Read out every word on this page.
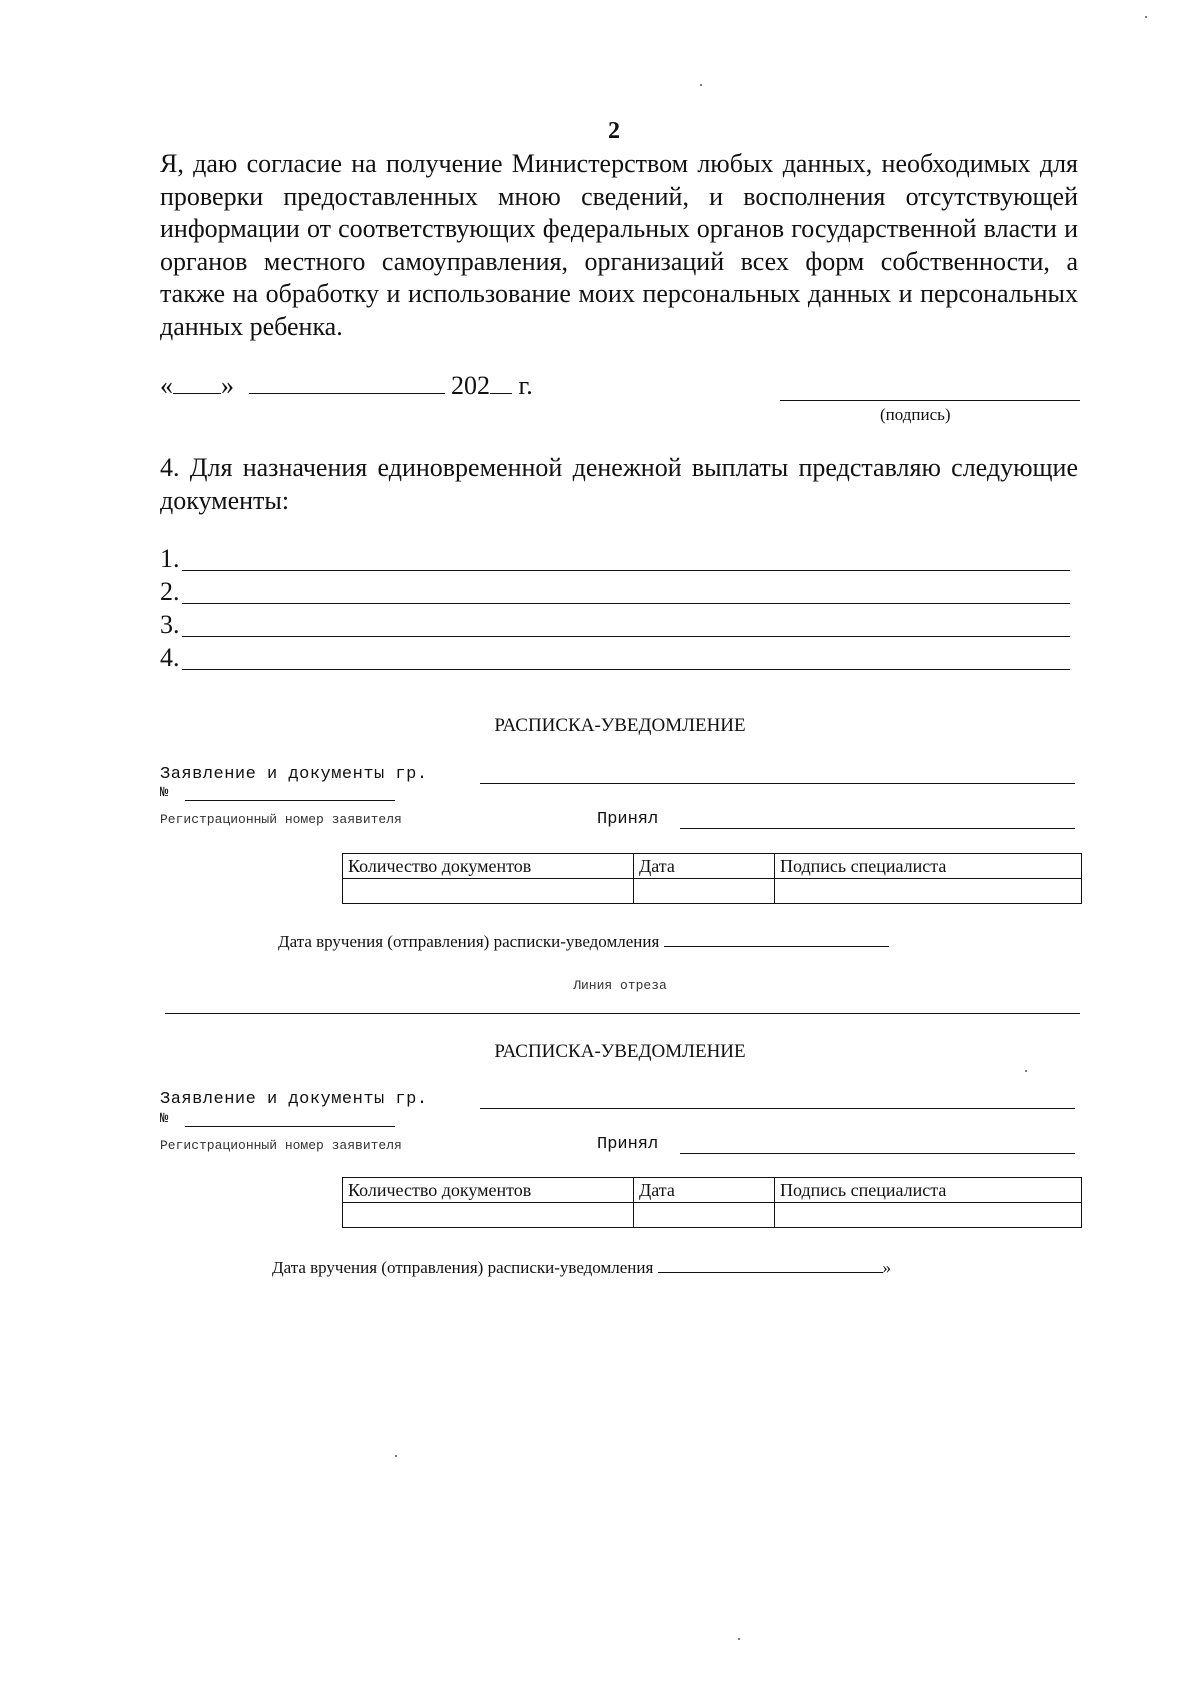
2
Я, даю согласие на получение Министерством любых данных, необходимых для проверки предоставленных мною сведений, и восполнения отсутствующей информации от соответствующих федеральных органов государственной власти и органов местного самоуправления, организаций всех форм собственности, а также на обработку и использование моих персональных данных и персональных данных ребенка.
« »	202 г.
(подпись)
4. Для назначения единовременной денежной выплаты представляю следующие документы:
1.
2.
3.
4.
РАСПИСКА-УВЕДОМЛЕНИЕ
Заявление и документы гр.
№
Регистрационный номер заявителя	Принял
Количество документов	Дата	Подпись специалиста

Дата вручения (отправления) расписки-уведомления
Линия отреза
РАСПИСКА-УВЕДОМЛЕНИЕ
Заявление и документы гр.
№
Регистрационный номер заявителя	Принял
Количество документов	Дата	Подпись специалиста

Дата вручения (отправления) расписки-уведомления	»
